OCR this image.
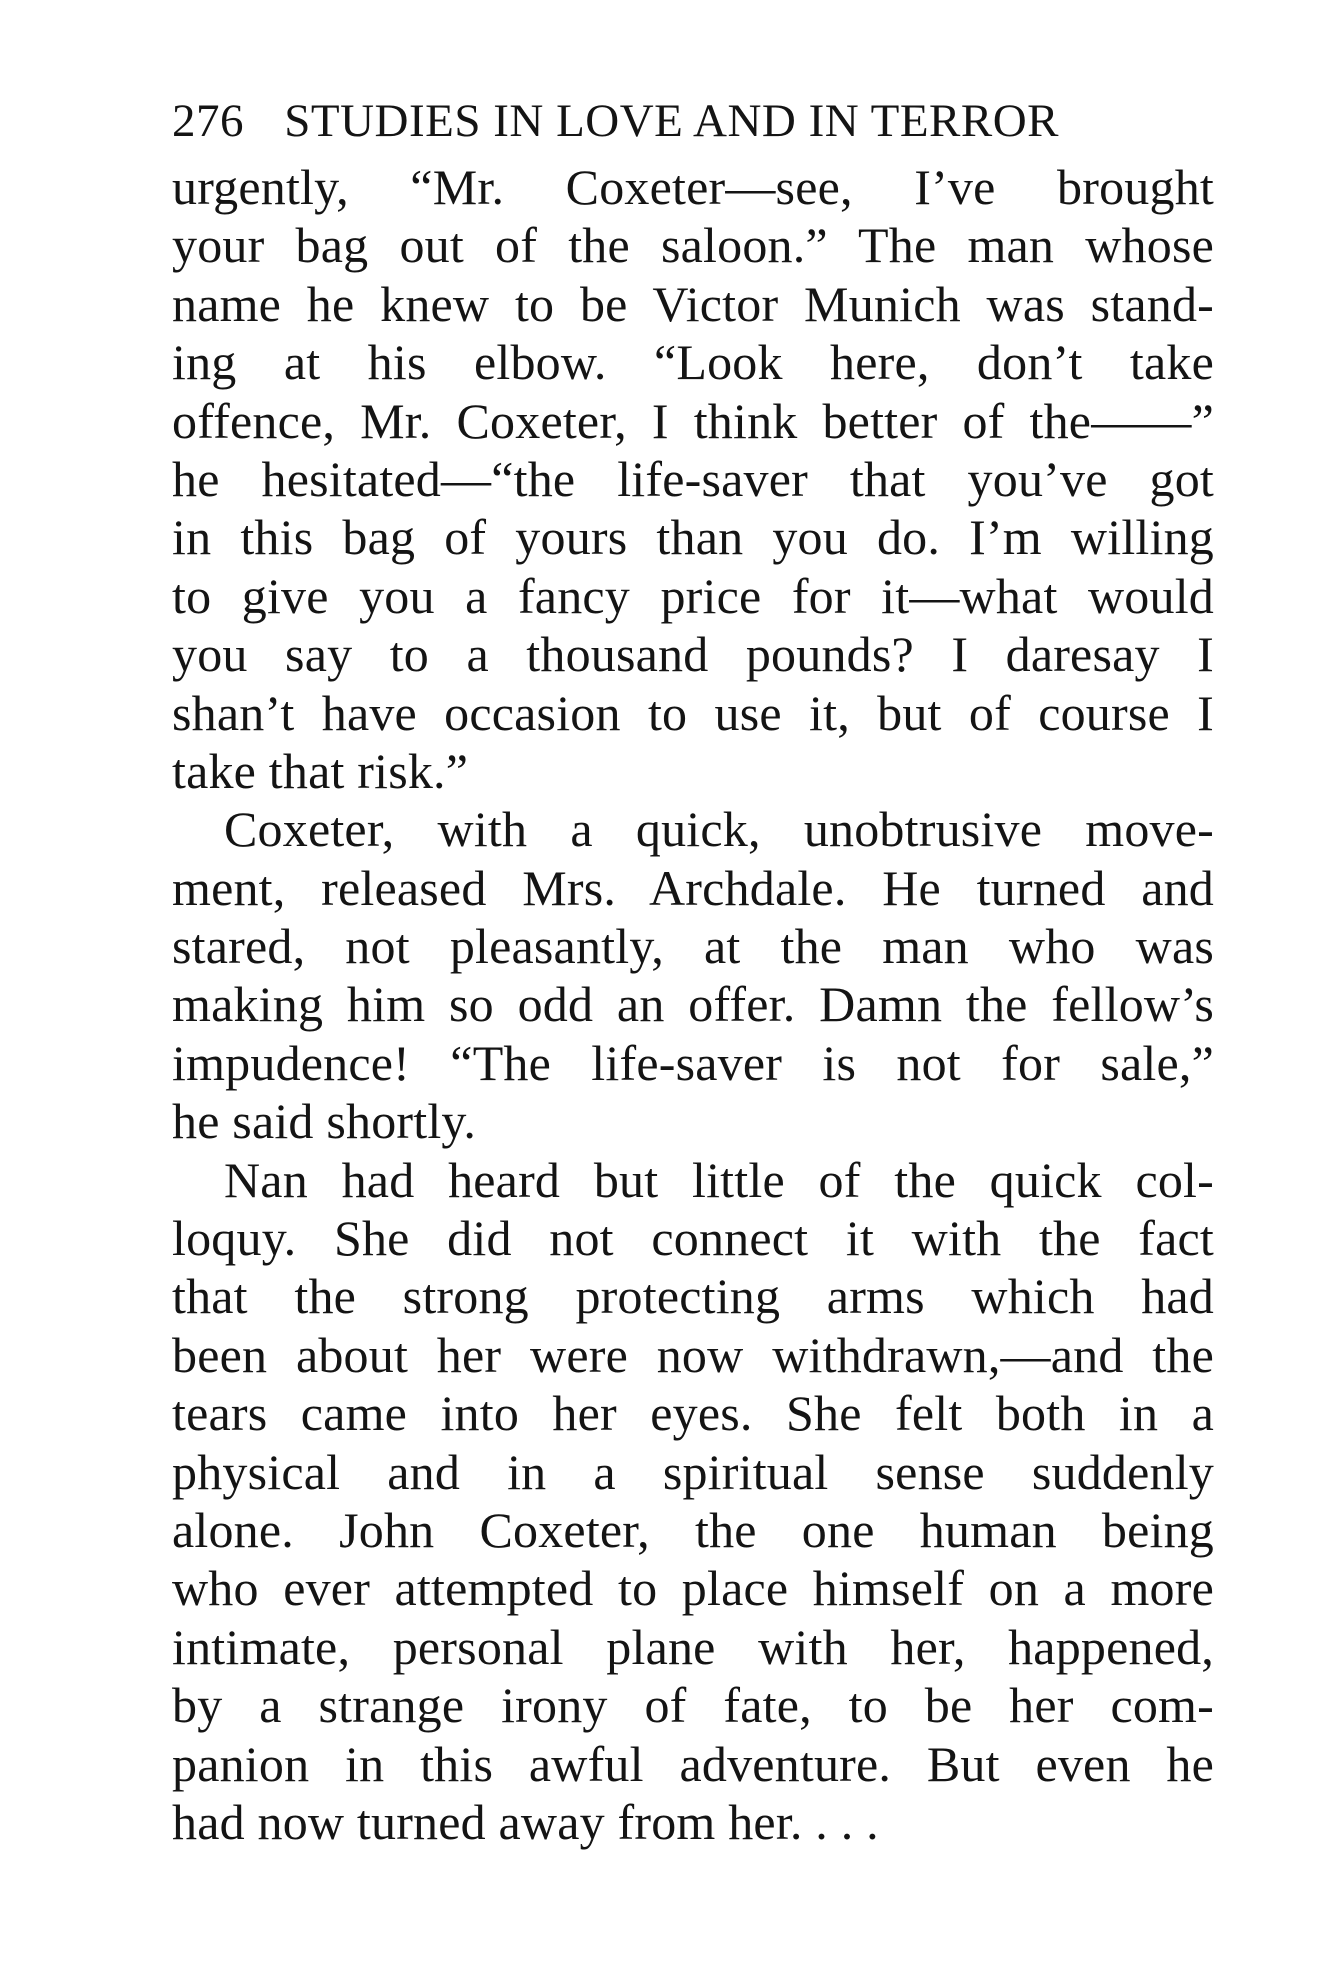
276 STUDIES IN LOVE AND IN TERROR
urgently, “Mr. Coxeter—see, I’ve brought
your bag out of the saloon.” The man whose
name he knew to be Victor Munich was stand-
ing at his elbow. “Look here, don’t take
offence, Mr. Coxeter, I think better of the——”
he hesitated—“the life-saver that you’ve got
in this bag of yours than you do. I’m willing
to give you a fancy price for it—what would
you say to a thousand pounds? I daresay I
shan’t have occasion to use it, but of course I
take that risk.”
Coxeter, with a quick, unobtrusive move-
ment, released Mrs. Archdale. He turned and
stared, not pleasantly, at the man who was
making him so odd an offer. Damn the fellow’s
impudence! “The life-saver is not for sale,”
he said shortly.
Nan had heard but little of the quick col-
loquy. She did not connect it with the fact
that the strong protecting arms which had
been about her were now withdrawn,—and the
tears came into her eyes. She felt both in a
physical and in a spiritual sense suddenly
alone. John Coxeter, the one human being
who ever attempted to place himself on a more
intimate, personal plane with her, happened,
by a strange irony of fate, to be her com-
panion in this awful adventure. But even he
had now turned away from her. . . .
